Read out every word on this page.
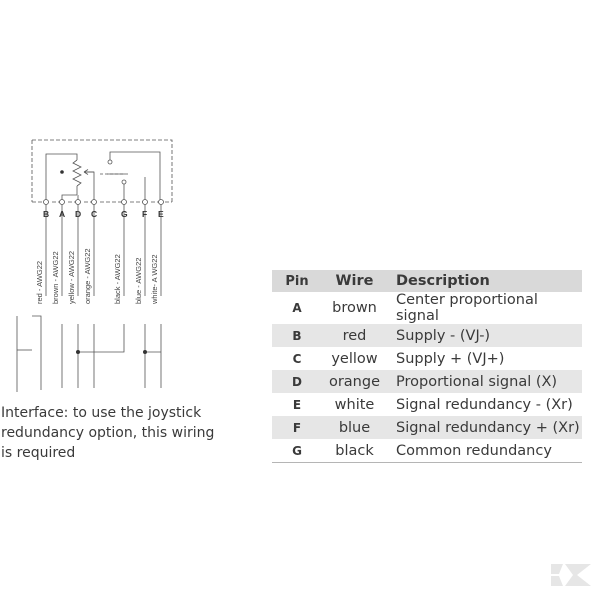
B A D C	G F E
red - AWG22 brown - AWG22 yellow - AWG22 orange - AWG22	black - AWG22 blue - AWG22 white- A WG22
Interface: to use the joystick
redundancy option, this wiring
is required
Pin	Wire	Description
A	brown	Center proportional signal
B	red	Supply - (VJ-)
C	yellow	Supply + (VJ+)
D	orange	Proportional signal (X)
E	white	Signal redundancy - (Xr)
F	blue	Signal redundancy + (Xr)
G	black	Common redundancy
